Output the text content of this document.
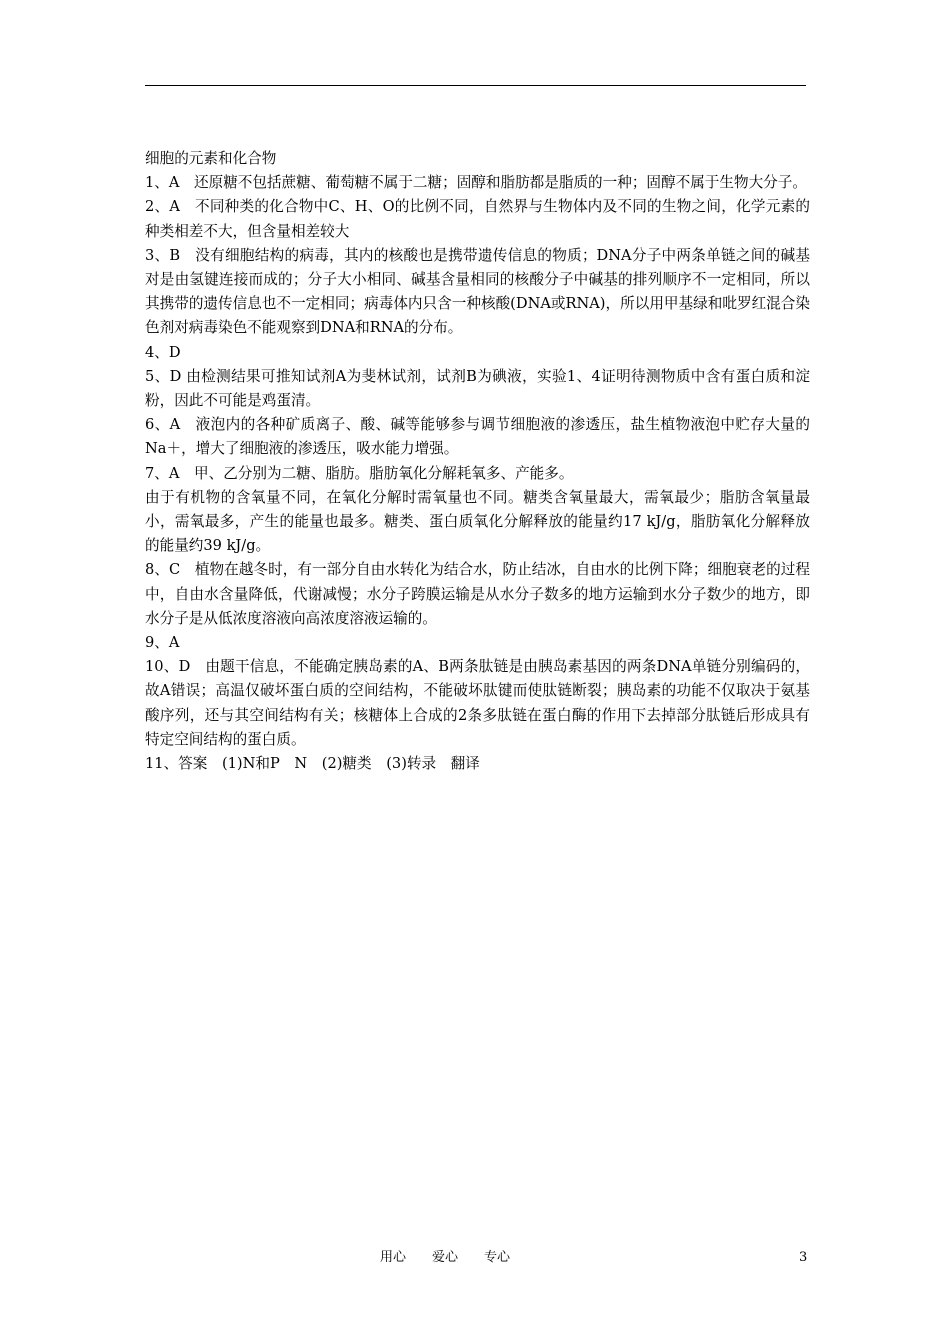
细胞的元素和化合物

1、A　还原糖不包括蔗糖、葡萄糖不属于二糖；固醇和脂肪都是脂质的一种；固醇不属于生物大分子。

2、A　不同种类的化合物中C、H、O的比例不同，自然界与生物体内及不同的生物之间，化学元素的种类相差不大，但含量相差较大

3、B　没有细胞结构的病毒，其内的核酸也是携带遗传信息的物质；DNA分子中两条单链之间的碱基对是由氢键连接而成的；分子大小相同、碱基含量相同的核酸分子中碱基的排列顺序不一定相同，所以其携带的遗传信息也不一定相同；病毒体内只含一种核酸(DNA或RNA)，所以用甲基绿和吡罗红混合染色剂对病毒染色不能观察到DNA和RNA的分布。

4、D

5、D 由检测结果可推知试剂A为斐林试剂，试剂B为碘液，实验1、4证明待测物质中含有蛋白质和淀粉，因此不可能是鸡蛋清。

6、A　液泡内的各种矿质离子、酸、碱等能够参与调节细胞液的渗透压，盐生植物液泡中贮存大量的Na＋，增大了细胞液的渗透压，吸水能力增强。

7、A　甲、乙分别为二糖、脂肪。脂肪氧化分解耗氧多、产能多。

由于有机物的含氧量不同，在氧化分解时需氧量也不同。糖类含氧量最大，需氧最少；脂肪含氧量最小，需氧最多，产生的能量也最多。糖类、蛋白质氧化分解释放的能量约17 kJ/g，脂肪氧化分解释放的能量约39 kJ/g。

8、C　植物在越冬时，有一部分自由水转化为结合水，防止结冰，自由水的比例下降；细胞衰老的过程中，自由水含量降低，代谢减慢；水分子跨膜运输是从水分子数多的地方运输到水分子数少的地方，即水分子是从低浓度溶液向高浓度溶液运输的。

9、A

10、D　由题干信息，不能确定胰岛素的A、B两条肽链是由胰岛素基因的两条DNA单链分别编码的，故A错误；高温仅破坏蛋白质的空间结构，不能破坏肽键而使肽链断裂；胰岛素的功能不仅取决于氨基酸序列，还与其空间结构有关；核糖体上合成的2条多肽链在蛋白酶的作用下去掉部分肽链后形成具有特定空间结构的蛋白质。

11、答案　(1)N和P　N　(2)糖类　(3)转录　翻译

用心　　爱心　　专心	3
